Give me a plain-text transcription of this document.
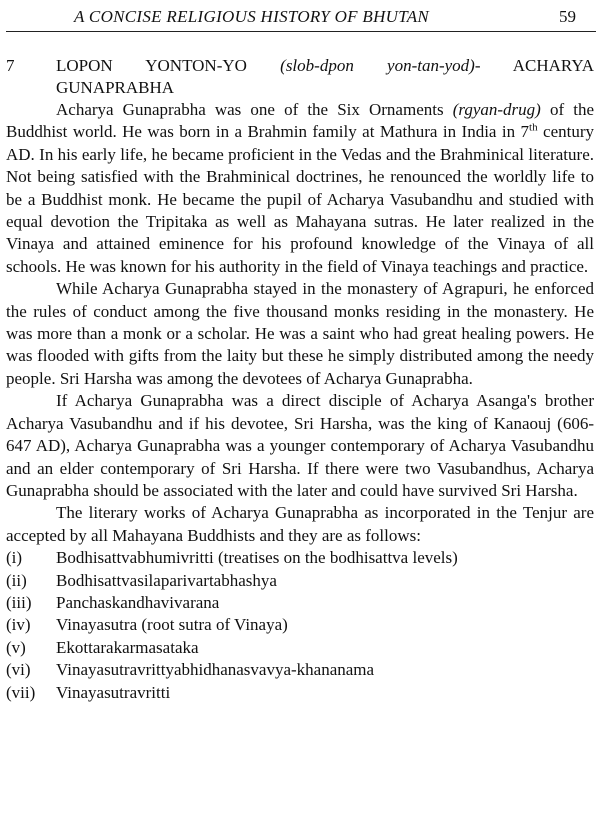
A CONCISE RELIGIOUS HISTORY OF BHUTAN	59
7	LOPON YONTON-YO (slob-dpon yon-tan-yod)- ACHARYA
GUNAPRABHA

Acharya Gunaprabha was one of the Six Ornaments (rgyan-drug) of the Buddhist world. He was born in a Brahmin family at Mathura in India in 7th century AD. In his early life, he became proficient in the Vedas and the Brahminical literature. Not being satisfied with the Brahminical doctrines, he renounced the worldly life to be a Buddhist monk. He became the pupil of Acharya Vasubandhu and studied with equal devotion the Tripitaka as well as Mahayana sutras. He later realized in the Vinaya and attained eminence for his profound knowledge of the Vinaya of all schools. He was known for his authority in the field of Vinaya teachings and practice.

While Acharya Gunaprabha stayed in the monastery of Agrapuri, he enforced the rules of conduct among the five thousand monks residing in the monastery. He was more than a monk or a scholar. He was a saint who had great healing powers. He was flooded with gifts from the laity but these he simply distributed among the needy people. Sri Harsha was among the devotees of Acharya Gunaprabha.

If Acharya Gunaprabha was a direct disciple of Acharya Asanga's brother Acharya Vasubandhu and if his devotee, Sri Harsha, was the king of Kanaouj (606-647 AD), Acharya Gunaprabha was a younger contemporary of Acharya Vasubandhu and an elder contemporary of Sri Harsha. If there were two Vasubandhus, Acharya Gunaprabha should be associated with the later and could have survived Sri Harsha.

The literary works of Acharya Gunaprabha as incorporated in the Tenjur are accepted by all Mahayana Buddhists and they are as follows:

(i)	Bodhisattvabhumivritti (treatises on the bodhisattva levels)
(ii)	Bodhisattvasilaparivartabhashya
(iii)	Panchaskandhavivarana
(iv)	Vinayasutra (root sutra of Vinaya)
(v)	Ekottarakarmasataka
(vi)	Vinayasutravrittyabhidhanasvavya-khananama
(vii)	Vinayasutravritti
